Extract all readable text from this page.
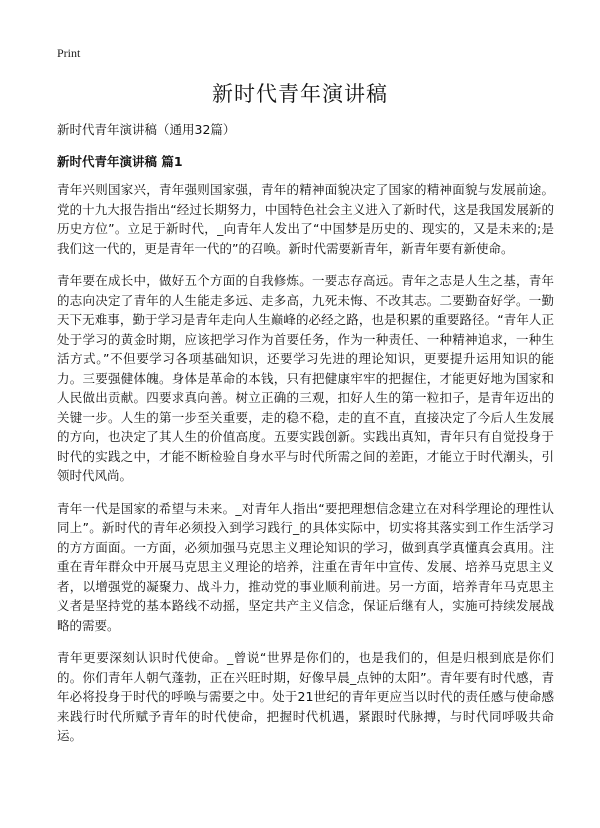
Print
新时代青年演讲稿
新时代青年演讲稿（通用32篇）
新时代青年演讲稿 篇1

青年兴则国家兴，青年强则国家强，青年的精神面貌决定了国家的精神面貌与发展前途。党的十九大报告指出“经过长期努力，中国特色社会主义进入了新时代，这是我国发展新的历史方位”。立足于新时代，_向青年人发出了“中国梦是历史的、现实的，又是未来的;是我们这一代的，更是青年一代的”的召唤。新时代需要新青年，新青年要有新使命。

青年要在成长中，做好五个方面的自我修炼。一要志存高远。青年之志是人生之基，青年的志向决定了青年的人生能走多远、走多高，九死未悔、不改其志。二要勤奋好学。一勤天下无难事，勤于学习是青年走向人生巅峰的必经之路，也是积累的重要路径。“青年人正处于学习的黄金时期，应该把学习作为首要任务，作为一种责任、一种精神追求，一种生活方式。”不但要学习各项基础知识，还要学习先进的理论知识，更要提升运用知识的能力。三要强健体魄。身体是革命的本钱，只有把健康牢牢的把握住，才能更好地为国家和人民做出贡献。四要求真向善。树立正确的三观，扣好人生的第一粒扣子，是青年迈出的关键一步。人生的第一步至关重要，走的稳不稳，走的直不直，直接决定了今后人生发展的方向，也决定了其人生的价值高度。五要实践创新。实践出真知，青年只有自觉投身于时代的实践之中，才能不断检验自身水平与时代所需之间的差距，才能立于时代潮头，引领时代风尚。

青年一代是国家的希望与未来。_对青年人指出“要把理想信念建立在对科学理论的理性认同上”。新时代的青年必须投入到学习践行_的具体实际中，切实将其落实到工作生活学习的方方面面。一方面，必须加强马克思主义理论知识的学习，做到真学真懂真会真用。注重在青年群众中开展马克思主义理论的培养，注重在青年中宣传、发展、培养马克思主义者，以增强党的凝聚力、战斗力，推动党的事业顺利前进。另一方面，培养青年马克思主义者是坚持党的基本路线不动摇，坚定共产主义信念，保证后继有人，实施可持续发展战略的需要。

青年更要深刻认识时代使命。_曾说“世界是你们的，也是我们的，但是归根到底是你们的。你们青年人朝气蓬勃，正在兴旺时期，好像早晨_点钟的太阳”。青年要有时代感，青年必将投身于时代的呼唤与需要之中。处于21世纪的青年更应当以时代的责任感与使命感来践行时代所赋予青年的时代使命，把握时代机遇，紧跟时代脉搏，与时代同呼吸共命运。
